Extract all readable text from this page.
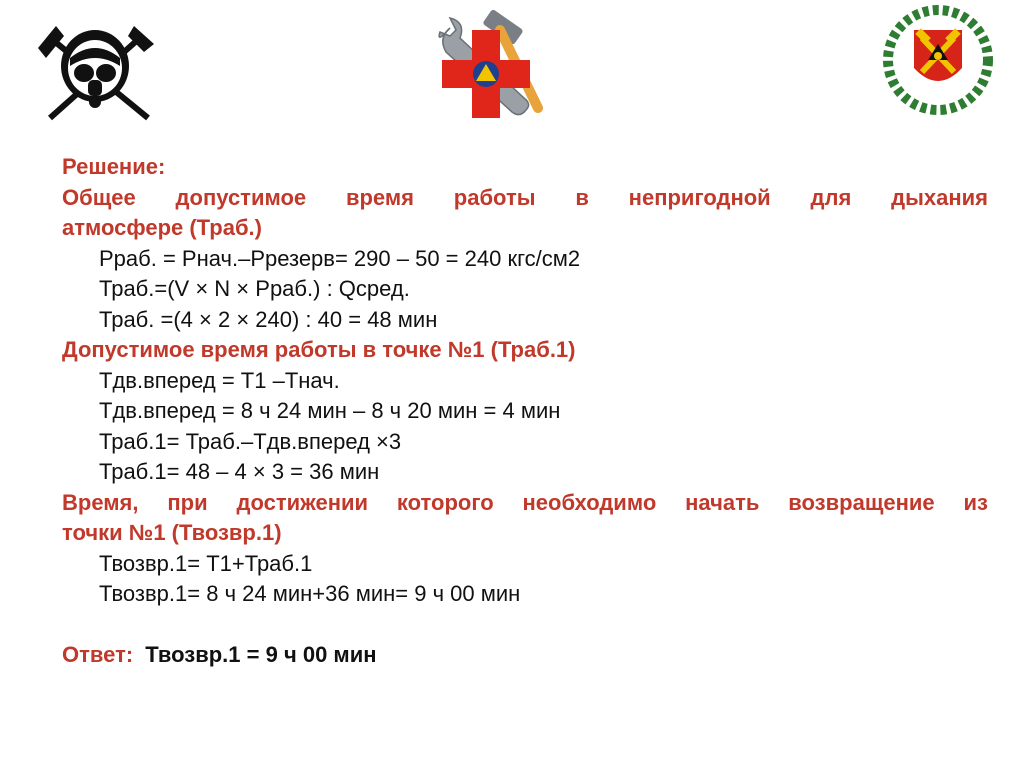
Решение:

Общее допустимое время работы в непригодной для дыхания

атмосфере (Траб.)

Рраб. = Рнач.–Ррезерв= 290 – 50 = 240 кгс/см2

Траб.=(V × N × Рраб.) : Qсред.

Траб. =(4 × 2 × 240) : 40 = 48 мин

Допустимое время работы в точке №1 (Траб.1)

Тдв.вперед = Т1 –Тнач.

Тдв.вперед = 8 ч 24 мин – 8 ч 20 мин = 4 мин

Траб.1= Траб.–Тдв.вперед ×3

Траб.1= 48 – 4 × 3 = 36 мин

Время, при достижении которого необходимо начать возвращение из

точки №1 (Твозвр.1)

Твозвр.1= Т1+Траб.1

Твозвр.1= 8 ч 24 мин+36 мин= 9 ч 00 мин

Ответ: Твозвр.1 = 9 ч 00 мин
